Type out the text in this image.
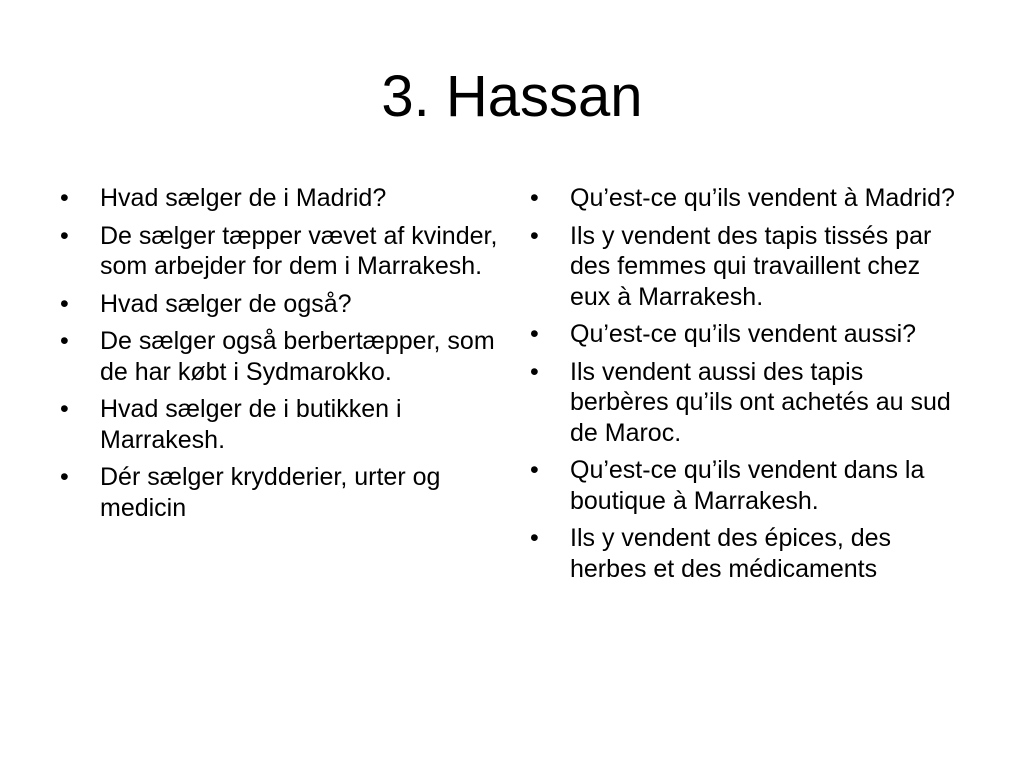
3. Hassan
• Hvad sælger de i Madrid?
• De sælger tæpper vævet af kvinder, som arbejder for dem i Marrakesh.
• Hvad sælger de også?
• De sælger også berbertæpper, som de har købt i Sydmarokko.
• Hvad sælger de i butikken i Marrakesh.
• Dér sælger krydderier, urter og medicin
• Qu’est-ce qu’ils vendent à Madrid?
• Ils y vendent des tapis tissés par des femmes qui travaillent chez eux à Marrakesh.
• Qu’est-ce qu’ils vendent aussi?
• Ils vendent aussi des tapis berbères qu’ils ont achetés au sud de Maroc.
• Qu’est-ce qu’ils vendent dans la boutique à Marrakesh.
• Ils y vendent des épices, des herbes et des médicaments
